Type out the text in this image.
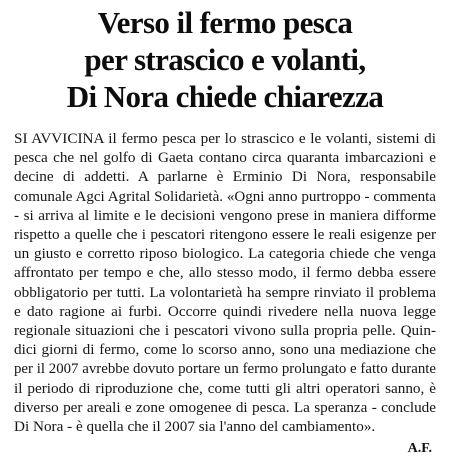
Verso il fermo pesca
per strascico e volanti,
Di Nora chiede chiarezza
SI AVVICINA il fermo pesca per lo strascico e le volanti, sistemi di
pesca che nel golfo di Gaeta contano circa quaranta imbarcazioni e
decine di addetti. A parlarne è Erminio Di Nora, responsabile
comunale Agci Agrital Solidarietà. «Ogni anno purtroppo - commenta
- si arriva al limite e le decisioni vengono prese in maniera difforme
rispetto a quelle che i pescatori ritengono essere le reali esigenze per
un giusto e corretto riposo biologico. La categoria chiede che venga
affrontato per tempo e che, allo stesso modo, il fermo debba essere
obbligatorio per tutti. La volontarietà ha sempre rinviato il problema
e dato ragione ai furbi. Occorre quindi rivedere nella nuova legge
regionale situazioni che i pescatori vivono sulla propria pelle. Quin-
dici giorni di fermo, come lo scorso anno, sono una mediazione che
per il 2007 avrebbe dovuto portare un fermo prolungato e fatto durante
il periodo di riproduzione che, come tutti gli altri operatori sanno, è
diverso per areali e zone omogenee di pesca. La speranza - conclude
Di Nora - è quella che il 2007 sia l'anno del cambiamento».
A.F.
